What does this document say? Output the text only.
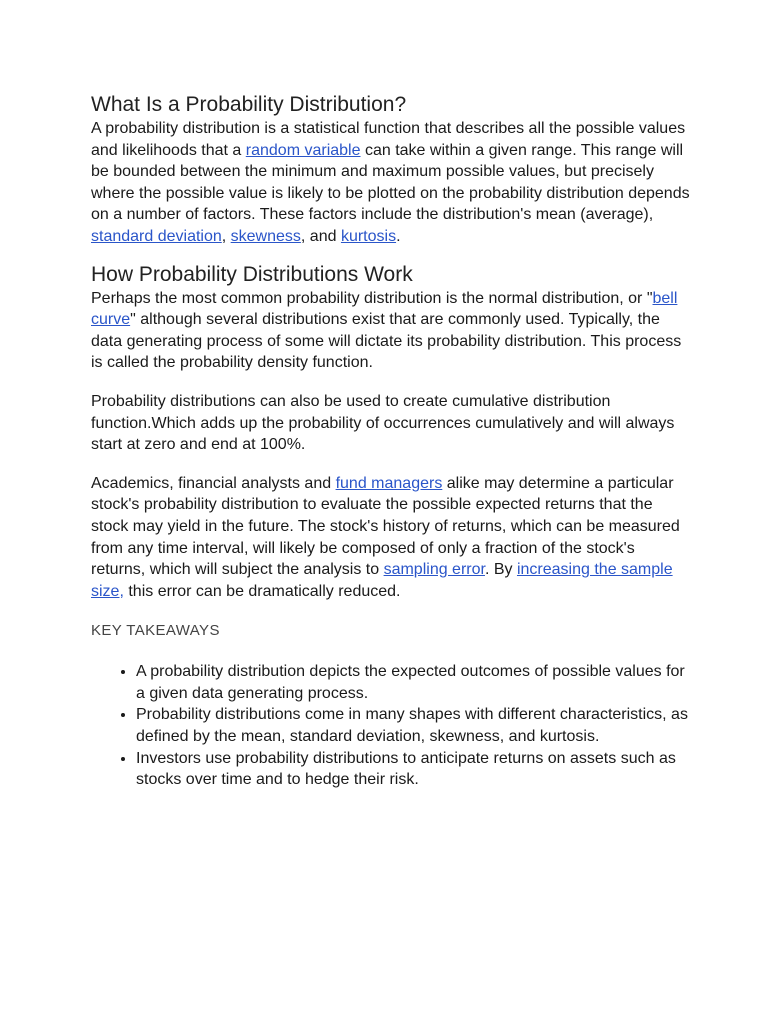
What Is a Probability Distribution?

A probability distribution is a statistical function that describes all the possible values and likelihoods that a random variable can take within a given range. This range will be bounded between the minimum and maximum possible values, but precisely where the possible value is likely to be plotted on the probability distribution depends on a number of factors. These factors include the distribution's mean (average), standard deviation, skewness, and kurtosis.

How Probability Distributions Work

Perhaps the most common probability distribution is the normal distribution, or "bell curve" although several distributions exist that are commonly used. Typically, the data generating process of some will dictate its probability distribution. This process is called the probability density function.

Probability distributions can also be used to create cumulative distribution function.Which adds up the probability of occurrences cumulatively and will always start at zero and end at 100%.

Academics, financial analysts and fund managers alike may determine a particular stock's probability distribution to evaluate the possible expected returns that the stock may yield in the future. The stock's history of returns, which can be measured from any time interval, will likely be composed of only a fraction of the stock's returns, which will subject the analysis to sampling error. By increasing the sample size, this error can be dramatically reduced.

KEY TAKEAWAYS
• A probability distribution depicts the expected outcomes of possible values for a given data generating process.
• Probability distributions come in many shapes with different characteristics, as defined by the mean, standard deviation, skewness, and kurtosis.
• Investors use probability distributions to anticipate returns on assets such as stocks over time and to hedge their risk.
